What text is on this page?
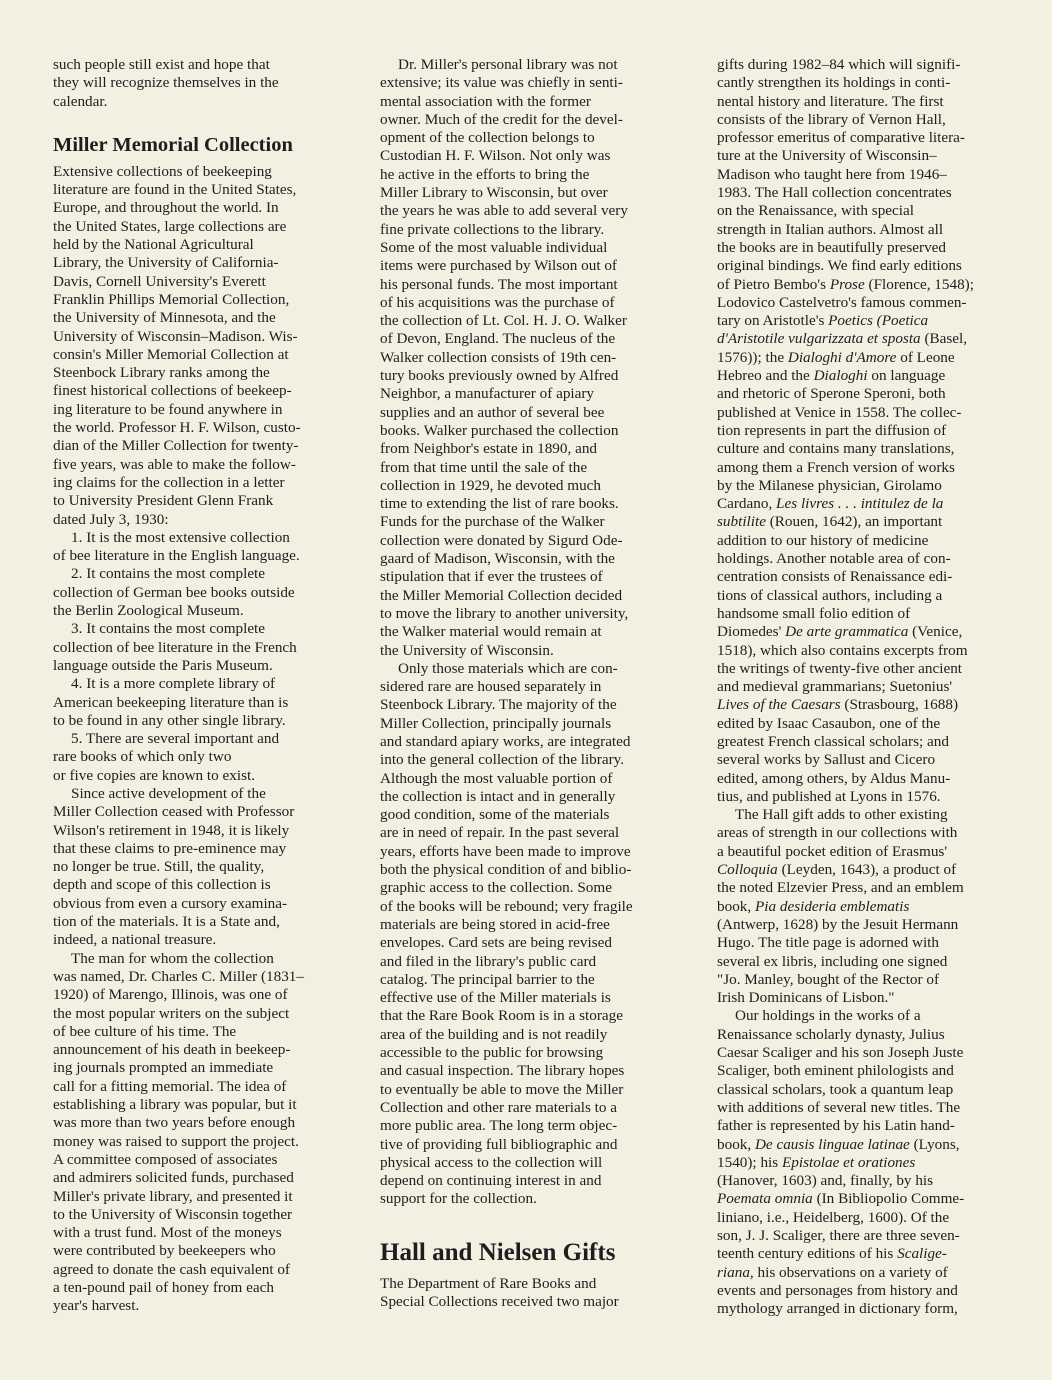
such people still exist and hope that
they will recognize themselves in the
calendar.
Miller Memorial Collection
Extensive collections of beekeeping
literature are found in the United States,
Europe, and throughout the world. In
the United States, large collections are
held by the National Agricultural
Library, the University of California-
Davis, Cornell University's Everett
Franklin Phillips Memorial Collection,
the University of Minnesota, and the
University of Wisconsin–Madison. Wis-
consin's Miller Memorial Collection at
Steenbock Library ranks among the
finest historical collections of beekeep-
ing literature to be found anywhere in
the world. Professor H. F. Wilson, custo-
dian of the Miller Collection for twenty-
five years, was able to make the follow-
ing claims for the collection in a letter
to University President Glenn Frank
dated July 3, 1930:
1. It is the most extensive collection
of bee literature in the English language.
2. It contains the most complete
collection of German bee books outside
the Berlin Zoological Museum.
3. It contains the most complete
collection of bee literature in the French
language outside the Paris Museum.
4. It is a more complete library of
American beekeeping literature than is
to be found in any other single library.
5. There are several important and
rare books of which only two
or five copies are known to exist.
Since active development of the
Miller Collection ceased with Professor
Wilson's retirement in 1948, it is likely
that these claims to pre-eminence may
no longer be true. Still, the quality,
depth and scope of this collection is
obvious from even a cursory examina-
tion of the materials. It is a State and,
indeed, a national treasure.
The man for whom the collection
was named, Dr. Charles C. Miller (1831–
1920) of Marengo, Illinois, was one of
the most popular writers on the subject
of bee culture of his time. The
announcement of his death in beekeep-
ing journals prompted an immediate
call for a fitting memorial. The idea of
establishing a library was popular, but it
was more than two years before enough
money was raised to support the project.
A committee composed of associates
and admirers solicited funds, purchased
Miller's private library, and presented it
to the University of Wisconsin together
with a trust fund. Most of the moneys
were contributed by beekeepers who
agreed to donate the cash equivalent of
a ten-pound pail of honey from each
year's harvest.
Dr. Miller's personal library was not
extensive; its value was chiefly in senti-
mental association with the former
owner. Much of the credit for the devel-
opment of the collection belongs to
Custodian H. F. Wilson. Not only was
he active in the efforts to bring the
Miller Library to Wisconsin, but over
the years he was able to add several very
fine private collections to the library.
Some of the most valuable individual
items were purchased by Wilson out of
his personal funds. The most important
of his acquisitions was the purchase of
the collection of Lt. Col. H. J. O. Walker
of Devon, England. The nucleus of the
Walker collection consists of 19th cen-
tury books previously owned by Alfred
Neighbor, a manufacturer of apiary
supplies and an author of several bee
books. Walker purchased the collection
from Neighbor's estate in 1890, and
from that time until the sale of the
collection in 1929, he devoted much
time to extending the list of rare books.
Funds for the purchase of the Walker
collection were donated by Sigurd Ode-
gaard of Madison, Wisconsin, with the
stipulation that if ever the trustees of
the Miller Memorial Collection decided
to move the library to another university,
the Walker material would remain at
the University of Wisconsin.
Only those materials which are con-
sidered rare are housed separately in
Steenbock Library. The majority of the
Miller Collection, principally journals
and standard apiary works, are integrated
into the general collection of the library.
Although the most valuable portion of
the collection is intact and in generally
good condition, some of the materials
are in need of repair. In the past several
years, efforts have been made to improve
both the physical condition of and biblio-
graphic access to the collection. Some
of the books will be rebound; very fragile
materials are being stored in acid-free
envelopes. Card sets are being revised
and filed in the library's public card
catalog. The principal barrier to the
effective use of the Miller materials is
that the Rare Book Room is in a storage
area of the building and is not readily
accessible to the public for browsing
and casual inspection. The library hopes
to eventually be able to move the Miller
Collection and other rare materials to a
more public area. The long term objec-
tive of providing full bibliographic and
physical access to the collection will
depend on continuing interest in and
support for the collection.
Hall and Nielsen Gifts
The Department of Rare Books and
Special Collections received two major
gifts during 1982–84 which will signifi-
cantly strengthen its holdings in conti-
nental history and literature. The first
consists of the library of Vernon Hall,
professor emeritus of comparative litera-
ture at the University of Wisconsin–
Madison who taught here from 1946–
1983. The Hall collection concentrates
on the Renaissance, with special
strength in Italian authors. Almost all
the books are in beautifully preserved
original bindings. We find early editions
of Pietro Bembo's Prose (Florence, 1548);
Lodovico Castelvetro's famous commen-
tary on Aristotle's Poetics (Poetica
d'Aristotile vulgarizzata et sposta (Basel,
1576)); the Dialoghi d'Amore of Leone
Hebreo and the Dialoghi on language
and rhetoric of Sperone Speroni, both
published at Venice in 1558. The collec-
tion represents in part the diffusion of
culture and contains many translations,
among them a French version of works
by the Milanese physician, Girolamo
Cardano, Les livres . . . intitulez de la
subtilite (Rouen, 1642), an important
addition to our history of medicine
holdings. Another notable area of con-
centration consists of Renaissance edi-
tions of classical authors, including a
handsome small folio edition of
Diomedes' De arte grammatica (Venice,
1518), which also contains excerpts from
the writings of twenty-five other ancient
and medieval grammarians; Suetonius'
Lives of the Caesars (Strasbourg, 1688)
edited by Isaac Casaubon, one of the
greatest French classical scholars; and
several works by Sallust and Cicero
edited, among others, by Aldus Manu-
tius, and published at Lyons in 1576.
The Hall gift adds to other existing
areas of strength in our collections with
a beautiful pocket edition of Erasmus'
Colloquia (Leyden, 1643), a product of
the noted Elzevier Press, and an emblem
book, Pia desideria emblematis
(Antwerp, 1628) by the Jesuit Hermann
Hugo. The title page is adorned with
several ex libris, including one signed
"Jo. Manley, bought of the Rector of
Irish Dominicans of Lisbon."
Our holdings in the works of a
Renaissance scholarly dynasty, Julius
Caesar Scaliger and his son Joseph Juste
Scaliger, both eminent philologists and
classical scholars, took a quantum leap
with additions of several new titles. The
father is represented by his Latin hand-
book, De causis linguae latinae (Lyons,
1540); his Epistolae et orationes
(Hanover, 1603) and, finally, by his
Poemata omnia (In Bibliopolio Comme-
liniano, i.e., Heidelberg, 1600). Of the
son, J. J. Scaliger, there are three seven-
teenth century editions of his Scalige-
riana, his observations on a variety of
events and personages from history and
mythology arranged in dictionary form,
